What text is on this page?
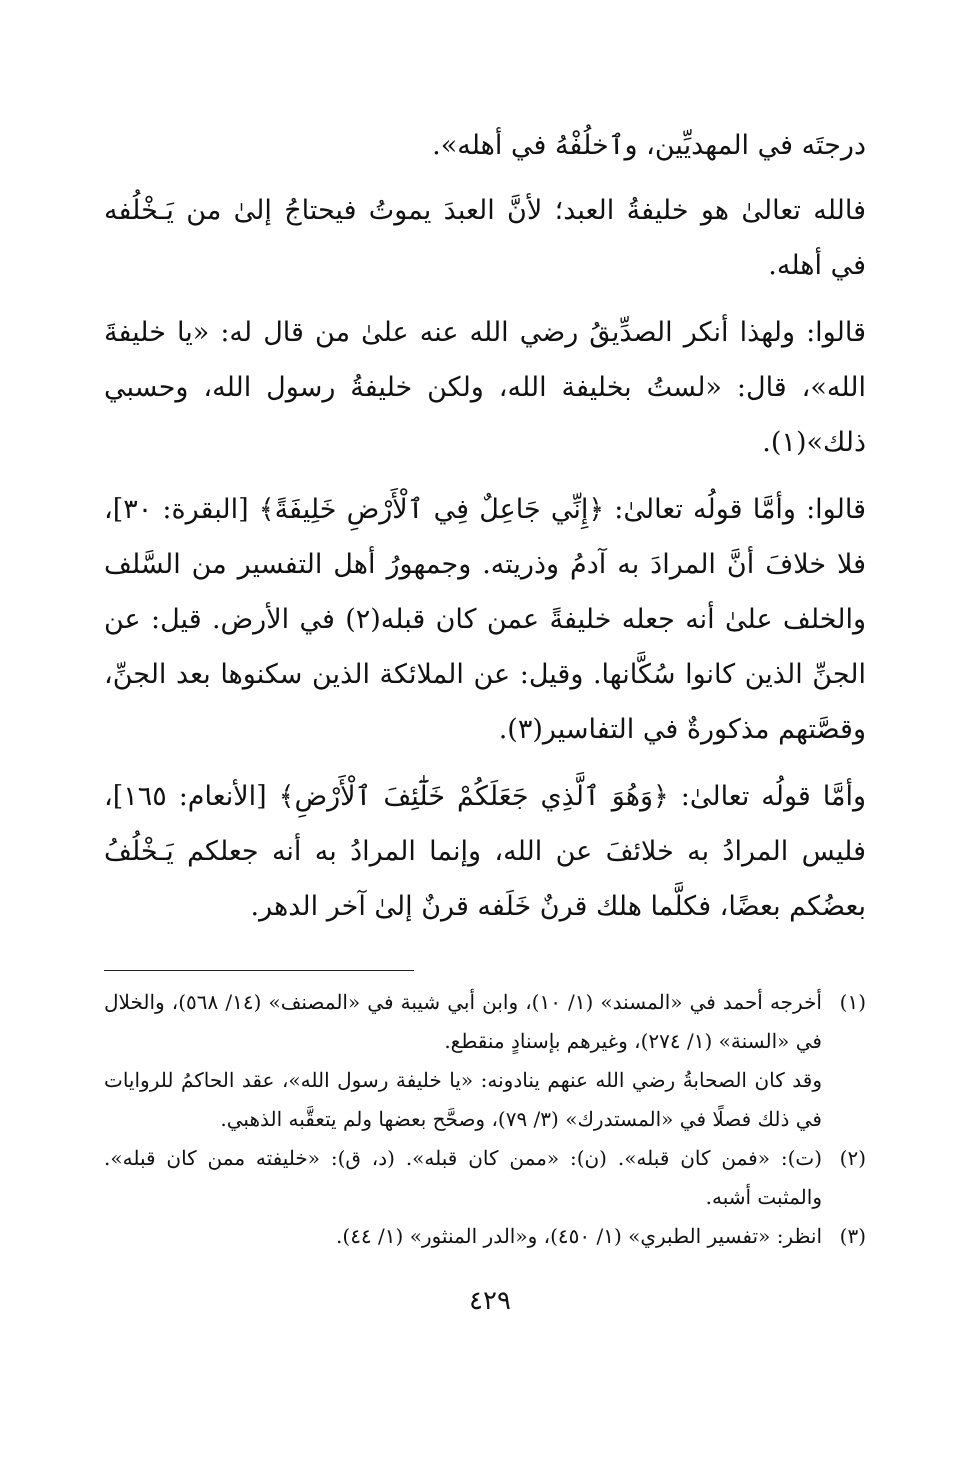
درجتَه في المهديِّين، وٱخلُفْهُ في أهله».

فالله تعالىٰ هو خليفةُ العبد؛ لأنَّ العبدَ يموتُ فيحتاجُ إلىٰ من يَـخْلُفه في أهله.

قالوا: ولهذا أنكر الصدِّيقُ رضي الله عنه علىٰ من قال له: «يا خليفةَ الله»، قال: «لستُ بخليفة الله، ولكن خليفةُ رسول الله، وحسبي ذلك»(١).

قالوا: وأمَّا قولُه تعالىٰ: ﴿إِنِّي جَاعِلٌ فِي ٱلْأَرْضِ خَلِيفَةً﴾ [البقرة: ٣٠]، فلا خلافَ أنَّ المرادَ به آدمُ وذريته. وجمهورُ أهل التفسير من السَّلف والخلف علىٰ أنه جعله خليفةً عمن كان قبله(٢) في الأرض. قيل: عن الجنِّ الذين كانوا سُكَّانها. وقيل: عن الملائكة الذين سكنوها بعد الجنِّ، وقصَّتهم مذكورةٌ في التفاسير(٣).

وأمَّا قولُه تعالىٰ: ﴿وَهُوَ ٱلَّذِي جَعَلَكُمْ خَلَٰٓئِفَ ٱلْأَرْضِ﴾ [الأنعام: ١٦٥]، فليس المرادُ به خلائفَ عن الله، وإنما المرادُ به أنه جعلكم يَـخْلُفُ بعضُكم بعضًا، فكلَّما هلك قرنٌ خَلَفه قرنٌ إلىٰ آخر الدهر.

(١)

أخرجه أحمد في «المسند» (١/ ١٠)، وابن أبي شيبة في «المصنف» (١٤/ ٥٦٨)، والخلال في «السنة» (١/ ٢٧٤)، وغيرهم بإسنادٍ منقطع.

وقد كان الصحابةُ رضي الله عنهم ينادونه: «يا خليفة رسول الله»، عقد الحاكمُ للروايات في ذلك فصلًا في «المستدرك» (٣/ ٧٩)، وصحَّح بعضها ولم يتعقَّبه الذهبي.

(٢)

(ت): «فمن كان قبله». (ن): «ممن كان قبله». (د، ق): «خليفته ممن كان قبله». والمثبت أشبه.

(٣)

انظر: «تفسير الطبري» (١/ ٤٥٠)، و«الدر المنثور» (١/ ٤٤).

٤٢٩
